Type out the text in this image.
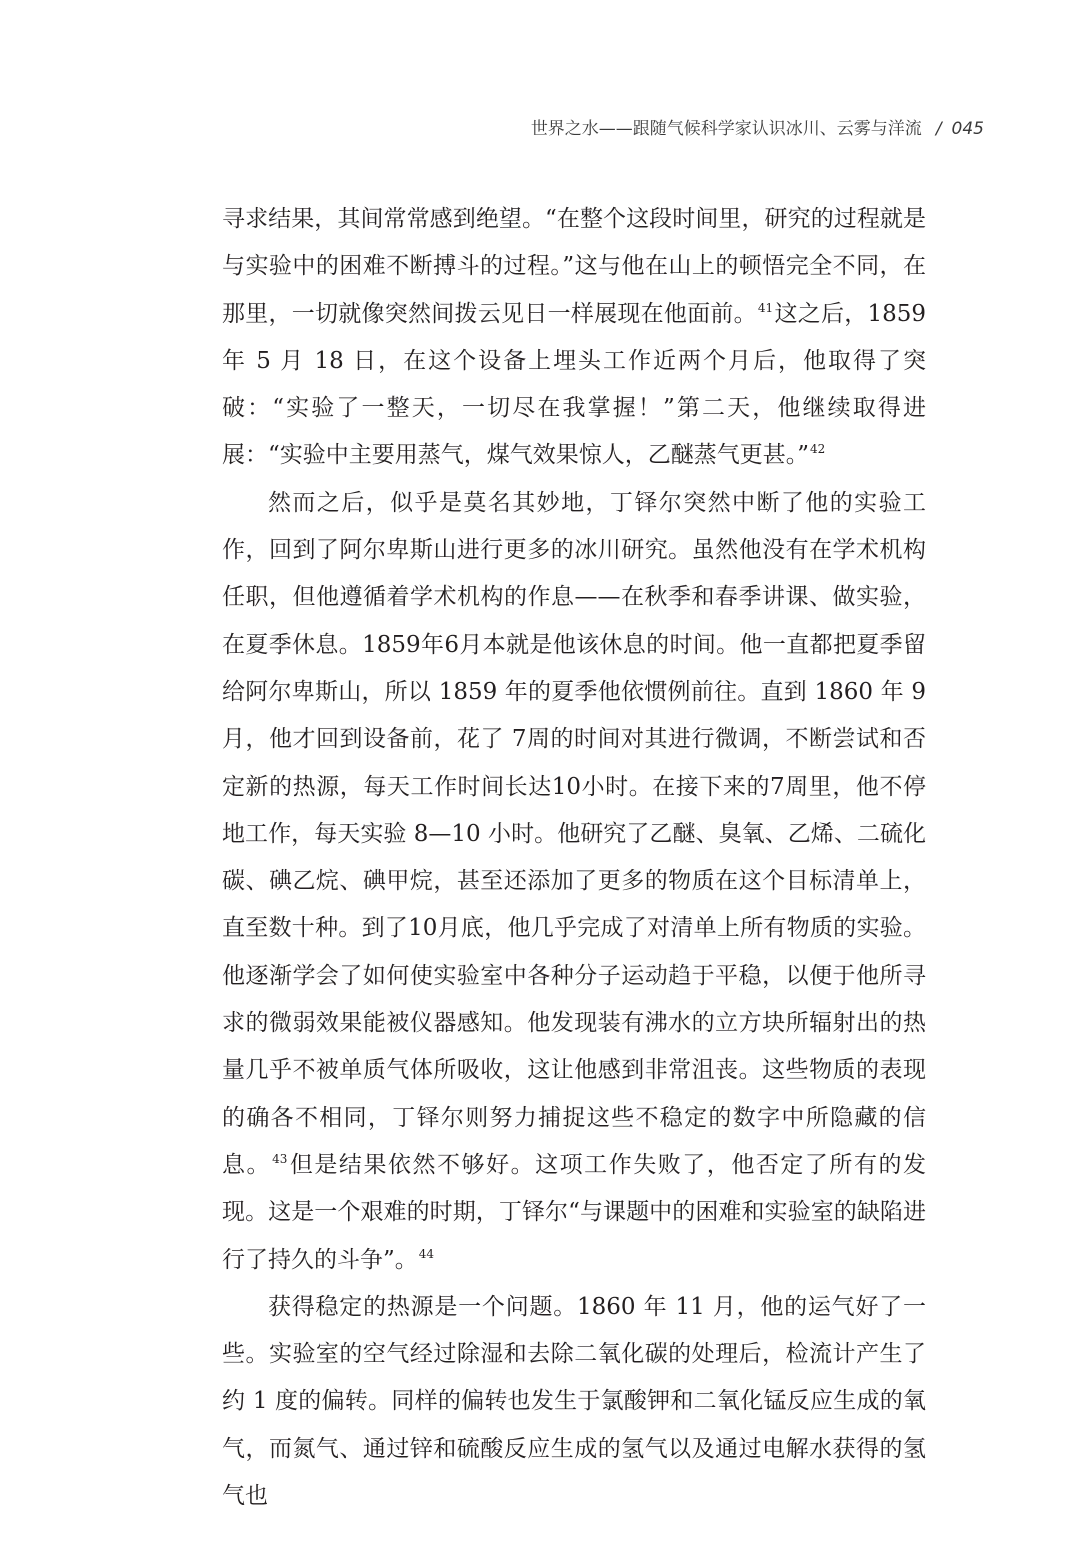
世界之水——跟随气候科学家认识冰川、云雾与洋流 / 045

寻求结果，其间常常感到绝望。“在整个这段时间里，研究的过程就是与实验中的困难不断搏斗的过程。”这与他在山上的顿悟完全不同，在那里，一切就像突然间拨云见日一样展现在他面前。$^{41}$这之后，1859 年 5 月 18 日，在这个设备上埋头工作近两个月后，他取得了突破：“实验了一整天，一切尽在我掌握！”第二天，他继续取得进展：“实验中主要用蒸气，煤气效果惊人，乙醚蒸气更甚。”$^{42}$

然而之后，似乎是莫名其妙地，丁铎尔突然中断了他的实验工作，回到了阿尔卑斯山进行更多的冰川研究。虽然他没有在学术机构任职，但他遵循着学术机构的作息——在秋季和春季讲课、做实验，在夏季休息。1859年6月本就是他该休息的时间。他一直都把夏季留给阿尔卑斯山，所以 1859 年的夏季他依惯例前往。直到 1860 年 9 月，他才回到设备前，花了 7周的时间对其进行微调，不断尝试和否定新的热源，每天工作时间长达10小时。在接下来的7周里，他不停地工作，每天实验 8—10 小时。他研究了乙醚、臭氧、乙烯、二硫化碳、碘乙烷、碘甲烷，甚至还添加了更多的物质在这个目标清单上，直至数十种。到了10月底，他几乎完成了对清单上所有物质的实验。他逐渐学会了如何使实验室中各种分子运动趋于平稳，以便于他所寻求的微弱效果能被仪器感知。他发现装有沸水的立方块所辐射出的热量几乎不被单质气体所吸收，这让他感到非常沮丧。这些物质的表现的确各不相同，丁铎尔则努力捕捉这些不稳定的数字中所隐藏的信息。$^{43}$但是结果依然不够好。这项工作失败了，他否定了所有的发现。这是一个艰难的时期，丁铎尔“与课题中的困难和实验室的缺陷进行了持久的斗争”。$^{44}$

获得稳定的热源是一个问题。1860 年 11 月，他的运气好了一些。实验室的空气经过除湿和去除二氧化碳的处理后，检流计产生了约 1 度的偏转。同样的偏转也发生于氯酸钾和二氧化锰反应生成的氧气，而氮气、通过锌和硫酸反应生成的氢气以及通过电解水获得的氢气也
